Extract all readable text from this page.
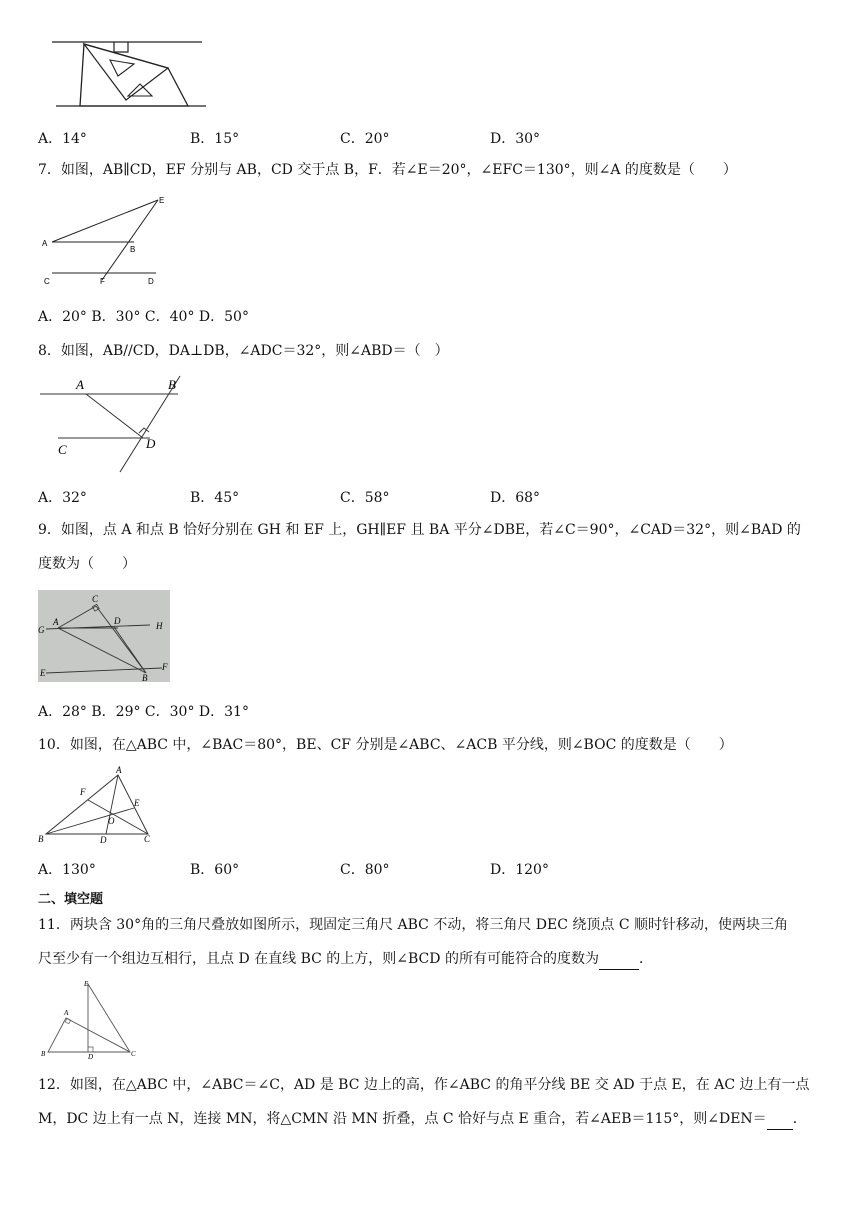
A．14°	B．15°	C．20°	D．30°
7．如图，AB∥CD，EF 分别与 AB，CD 交于点 B，F．若∠E＝20°，∠EFC＝130°，则∠A 的度数是（　　）
E
A
B
C	F	D
A．20° B．30° C．40° D．50°
8．如图，AB//CD，DA⊥DB，∠ADC＝32°，则∠ABD＝（　）
A	B
C	D
A．32°	B．45°	C．58°	D．68°
9．如图，点 A 和点 B 恰好分别在 GH 和 EF 上，GH∥EF 且 BA 平分∠DBE，若∠C＝90°，∠CAD＝32°，则∠BAD 的
度数为（　　）
C
G
A	D	H
E
F
B
A．28° B．29° C．30° D．31°
10．如图，在△ABC 中，∠BAC＝80°，BE、CF 分别是∠ABC、∠ACB 平分线，则∠BOC 的度数是（　　）
A
F
E
O
B	D	C
A．130°	B．60°	C．80°	D．120°
二、填空题
11．两块含 30°角的三角尺叠放如图所示，现固定三角尺 ABC 不动，将三角尺 DEC 绕顶点 C 顺时针移动，使两块三角
尺至少有一个组边互相行，且点 D 在直线 BC 的上方，则∠BCD 的所有可能符合的度数为	．
E
A
B	D	C
12．如图，在△ABC 中，∠ABC＝∠C，AD 是 BC 边上的高，作∠ABC 的角平分线 BE 交 AD 于点 E，在 AC 边上有一点
M，DC 边上有一点 N，连接 MN，将△CMN 沿 MN 折叠，点 C 恰好与点 E 重合，若∠AEB＝115°，则∠DEN＝ ．
